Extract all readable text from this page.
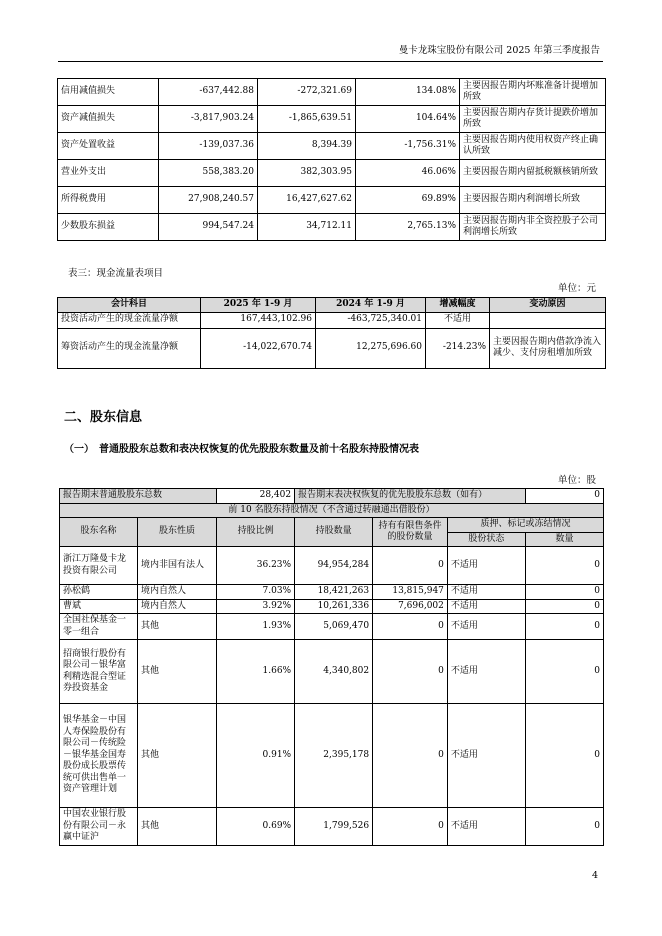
曼卡龙珠宝股份有限公司 2025 年第三季度报告
信用减值损失	-637,442.88	-272,321.69	134.08%	主要因报告期内坏账准备计提增加所致
资产减值损失	-3,817,903.24	-1,865,639.51	104.64%	主要因报告期内存货计提跌价增加所致
资产处置收益	-139,037.36	8,394.39	-1,756.31%	主要因报告期内使用权资产终止确认所致
营业外支出	558,383.20	382,303.95	46.06%	主要因报告期内留抵税额核销所致
所得税费用	27,908,240.57	16,427,627.62	69.89%	主要因报告期内利润增长所致
少数股东损益	994,547.24	34,712.11	2,765.13%	主要因报告期内非全资控股子公司利润增长所致
表三：现金流量表项目
单位：元
会计科目	2025 年 1-9 月	2024 年 1-9 月	增减幅度	变动原因
投资活动产生的现金流量净额	167,443,102.96	-463,725,340.01	不适用	
筹资活动产生的现金流量净额	-14,022,670.74	12,275,696.60	-214.23%	主要因报告期内借款净流入减少、支付房租增加所致
二、股东信息
（一）　普通股股东总数和表决权恢复的优先股股东数量及前十名股东持股情况表
单位：股
报告期末普通股股东总数		28,402	报告期末表决权恢复的优先股股东总数（如有）			0
前 10 名股东持股情况（不含通过转融通出借股份）						
股东名称	股东性质	持股比例	持股数量	持有有限售条件的股份数量	质押、标记或冻结情况	
					股份状态	数量
浙江万隆曼卡龙投资有限公司	境内非国有法人	36.23%	94,954,284	0	不适用	0
孙松鹤	境内自然人	7.03%	18,421,263	13,815,947	不适用	0
曹斌	境内自然人	3.92%	10,261,336	7,696,002	不适用	0
全国社保基金一零一组合	其他	1.93%	5,069,470	0	不适用	0
招商银行股份有限公司－银华富利精选混合型证券投资基金	其他	1.66%	4,340,802	0	不适用	0
银华基金－中国人寿保险股份有限公司－传统险－银华基金国寿股份成长股票传统可供出售单一资产管理计划	其他	0.91%	2,395,178	0	不适用	0
中国农业银行股份有限公司－永赢中证沪	其他	0.69%	1,799,526	0	不适用	0
4
